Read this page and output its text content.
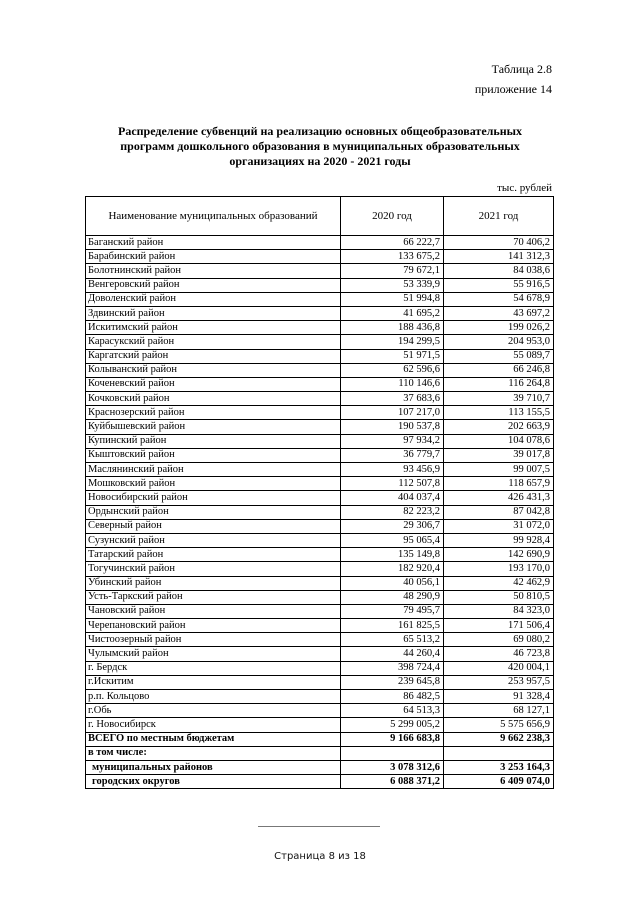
Таблица 2.8
приложение 14
Распределение субвенций на реализацию основных общеобразовательных
программ дошкольного образования в муниципальных образовательных
организациях на 2020 - 2021 годы
тыс. рублей
Наименование муниципальных образований	2020 год	2021 год
Баганский район	66 222,7	70 406,2
Барабинский район	133 675,2	141 312,3
Болотнинский район	79 672,1	84 038,6
Венгеровский район	53 339,9	55 916,5
Доволенский район	51 994,8	54 678,9
Здвинский район	41 695,2	43 697,2
Искитимский район	188 436,8	199 026,2
Карасукский район	194 299,5	204 953,0
Каргатский район	51 971,5	55 089,7
Колыванский район	62 596,6	66 246,8
Коченевский район	110 146,6	116 264,8
Кочковский район	37 683,6	39 710,7
Краснозерский район	107 217,0	113 155,5
Куйбышевский район	190 537,8	202 663,9
Купинский район	97 934,2	104 078,6
Кыштовский район	36 779,7	39 017,8
Маслянинский район	93 456,9	99 007,5
Мошковский район	112 507,8	118 657,9
Новосибирский район	404 037,4	426 431,3
Ордынский район	82 223,2	87 042,8
Северный район	29 306,7	31 072,0
Сузунский район	95 065,4	99 928,4
Татарский район	135 149,8	142 690,9
Тогучинский район	182 920,4	193 170,0
Убинский район	40 056,1	42 462,9
Усть-Таркский район	48 290,9	50 810,5
Чановский район	79 495,7	84 323,0
Черепановский район	161 825,5	171 506,4
Чистоозерный район	65 513,2	69 080,2
Чулымский район	44 260,4	46 723,8
г. Бердск	398 724,4	420 004,1
г.Искитим	239 645,8	253 957,5
р.п. Кольцово	86 482,5	91 328,4
г.Обь	64 513,3	68 127,1
г. Новосибирск	5 299 005,2	5 575 656,9
ВСЕГО по местным бюджетам	9 166 683,8	9 662 238,3
в том числе:		
муниципальных районов	3 078 312,6	3 253 164,3
городских округов	6 088 371,2	6 409 074,0
Страница 8 из 18
